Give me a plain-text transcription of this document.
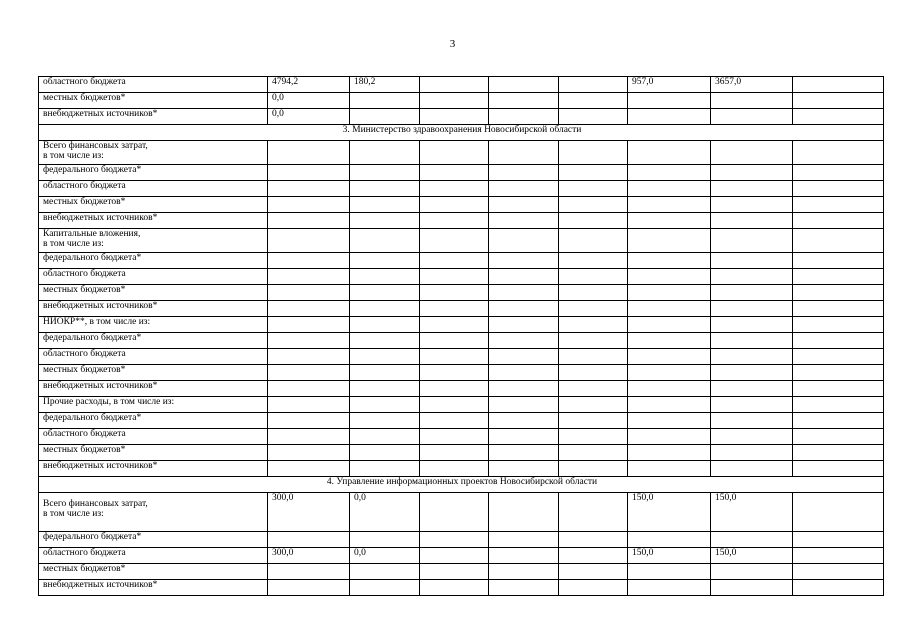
3
областного бюджета	4794,2	180,2				957,0	3657,0	
местных бюджетов*	0,0							
внебюджетных источников*	0,0							
3. Министерство здравоохранения Новосибирской области								
Всего финансовых затрат,
в том числе из:								
федерального бюджета*								
областного бюджета								
местных бюджетов*								
внебюджетных источников*								
Капитальные вложения,
в том числе из:								
федерального бюджета*								
областного бюджета								
местных бюджетов*								
внебюджетных источников*								
НИОКР**, в том числе из:								
федерального бюджета*								
областного бюджета								
местных бюджетов*								
внебюджетных источников*								
Прочие расходы, в том числе из:								
федерального бюджета*								
областного бюджета								
местных бюджетов*								
внебюджетных источников*								
4. Управление информационных проектов Новосибирской области								
Всего финансовых затрат,
в том числе из:	300,0	0,0				150,0	150,0	
федерального бюджета*								
областного бюджета	300,0	0,0				150,0	150,0	
местных бюджетов*								
внебюджетных источников*								
